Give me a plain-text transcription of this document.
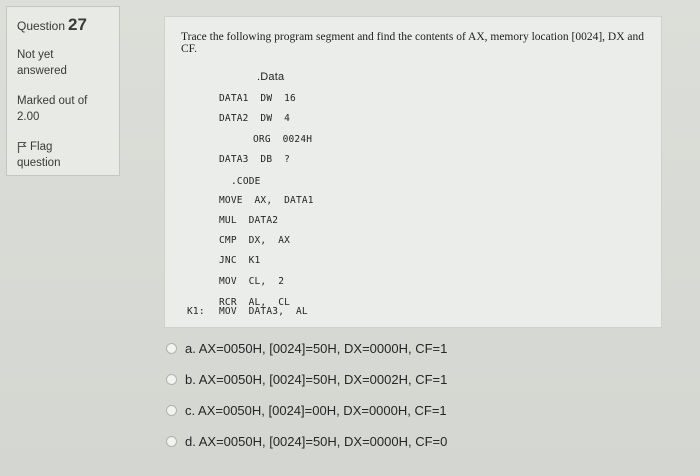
Question 27
Not yet
answered
Marked out of
2.00
Flag
question
Trace the following program segment and find the contents of AX, memory location [0024], DX and CF.
.Data
DATA1  DW  16
DATA2  DW  4
ORG  0024H
DATA3  DB  ?
.CODE
MOVE  AX,  DATA1
MUL  DATA2
CMP  DX,  AX
JNC  K1
MOV  CL,  2
RCR  AL,  CL
K1: MOV  DATA3,  AL
a. AX=0050H, [0024]=50H, DX=0000H, CF=1
b. AX=0050H, [0024]=50H, DX=0002H, CF=1
c. AX=0050H, [0024]=00H, DX=0000H, CF=1
d. AX=0050H, [0024]=50H, DX=0000H, CF=0
